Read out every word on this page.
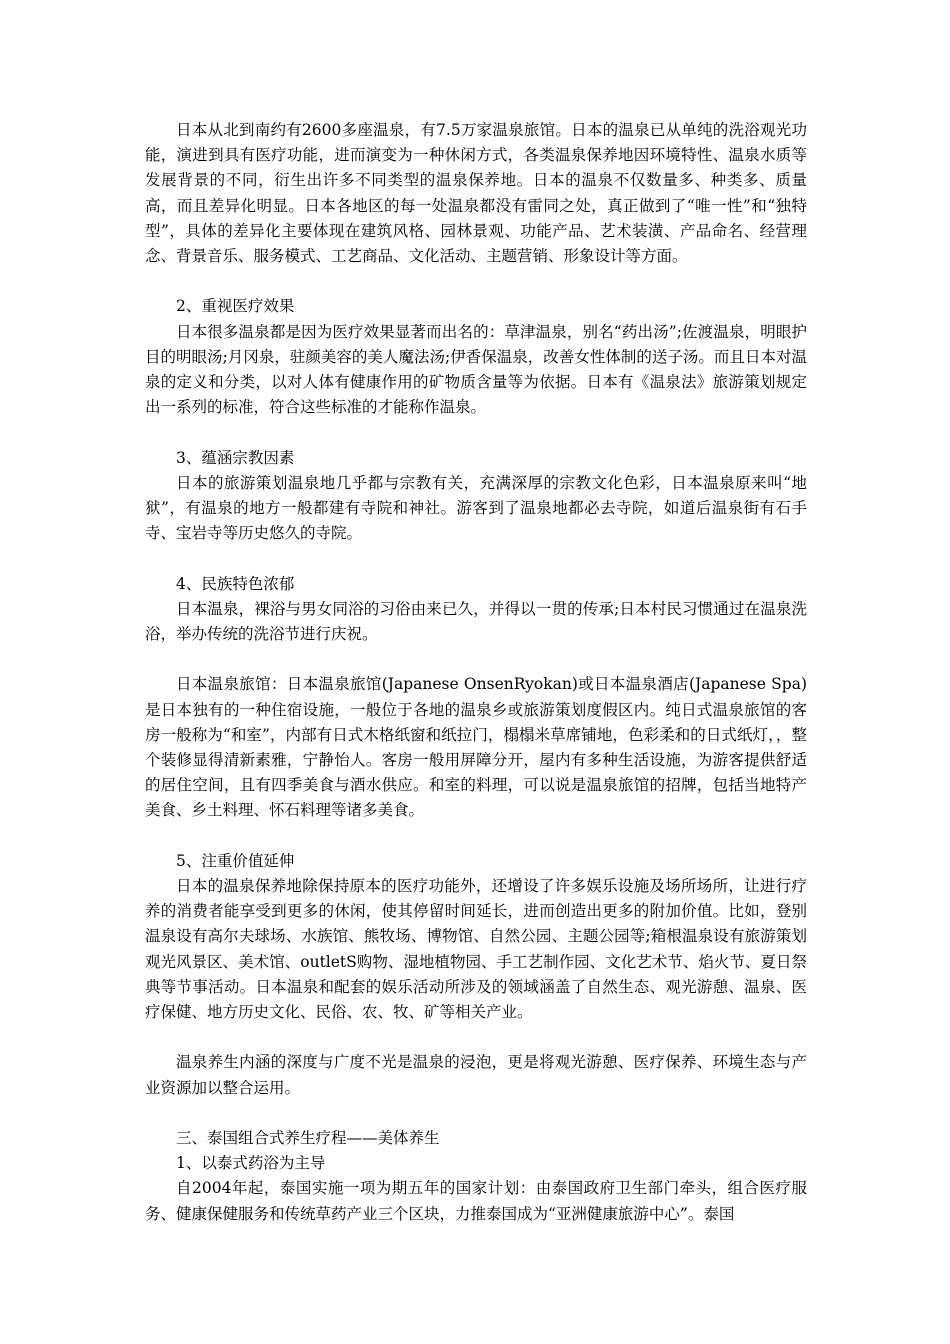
日本从北到南约有2600多座温泉，有7.5万家温泉旅馆。日本的温泉已从单纯的洗浴观光功能，演进到具有医疗功能，进而演变为一种休闲方式，各类温泉保养地因环境特性、温泉水质等发展背景的不同，衍生出许多不同类型的温泉保养地。日本的温泉不仅数量多、种类多、质量高，而且差异化明显。日本各地区的每一处温泉都没有雷同之处，真正做到了“唯一性”和“独特型”，具体的差异化主要体现在建筑风格、园林景观、功能产品、艺术装潢、产品命名、经营理念、背景音乐、服务模式、工艺商品、文化活动、主题营销、形象设计等方面。

2、重视医疗效果

日本很多温泉都是因为医疗效果显著而出名的：草津温泉，别名“药出汤”;佐渡温泉，明眼护目的明眼汤;月冈泉，驻颜美容的美人魔法汤;伊香保温泉，改善女性体制的送子汤。而且日本对温泉的定义和分类，以对人体有健康作用的矿物质含量等为依据。日本有《温泉法》旅游策划规定出一系列的标准，符合这些标准的才能称作温泉。

3、蕴涵宗教因素

日本的旅游策划温泉地几乎都与宗教有关，充满深厚的宗教文化色彩，日本温泉原来叫“地狱”，有温泉的地方一般都建有寺院和神社。游客到了温泉地都必去寺院，如道后温泉街有石手寺、宝岩寺等历史悠久的寺院。

4、民族特色浓郁

日本温泉，裸浴与男女同浴的习俗由来已久，并得以一贯的传承;日本村民习惯通过在温泉洗浴，举办传统的洗浴节进行庆祝。

日本温泉旅馆：日本温泉旅馆(Japanese OnsenRyokan)或日本温泉酒店(Japanese Spa)是日本独有的一种住宿设施，一般位于各地的温泉乡或旅游策划度假区内。纯日式温泉旅馆的客房一般称为“和室”，内部有日式木格纸窗和纸拉门，榻榻米草席铺地，色彩柔和的日式纸灯，，整个装修显得清新素雅，宁静怡人。客房一般用屏障分开，屋内有多种生活设施，为游客提供舒适的居住空间，且有四季美食与酒水供应。和室的料理，可以说是温泉旅馆的招牌，包括当地特产美食、乡土料理、怀石料理等诸多美食。

5、注重价值延伸

日本的温泉保养地除保持原本的医疗功能外，还增设了许多娱乐设施及场所场所，让进行疗养的消费者能享受到更多的休闲，使其停留时间延长，进而创造出更多的附加价值。比如，登别温泉设有高尔夫球场、水族馆、熊牧场、博物馆、自然公园、主题公园等;箱根温泉设有旅游策划观光风景区、美术馆、outletS购物、湿地植物园、手工艺制作园、文化艺术节、焰火节、夏日祭典等节事活动。日本温泉和配套的娱乐活动所涉及的领域涵盖了自然生态、观光游憩、温泉、医疗保健、地方历史文化、民俗、农、牧、矿等相关产业。

温泉养生内涵的深度与广度不光是温泉的浸泡，更是将观光游憩、医疗保养、环境生态与产业资源加以整合运用。

三、泰国组合式养生疗程——美体养生

1、以泰式药浴为主导

自2004年起，泰国实施一项为期五年的国家计划：由泰国政府卫生部门牵头，组合医疗服务、健康保健服务和传统草药产业三个区块，力推泰国成为“亚洲健康旅游中心”。泰国
